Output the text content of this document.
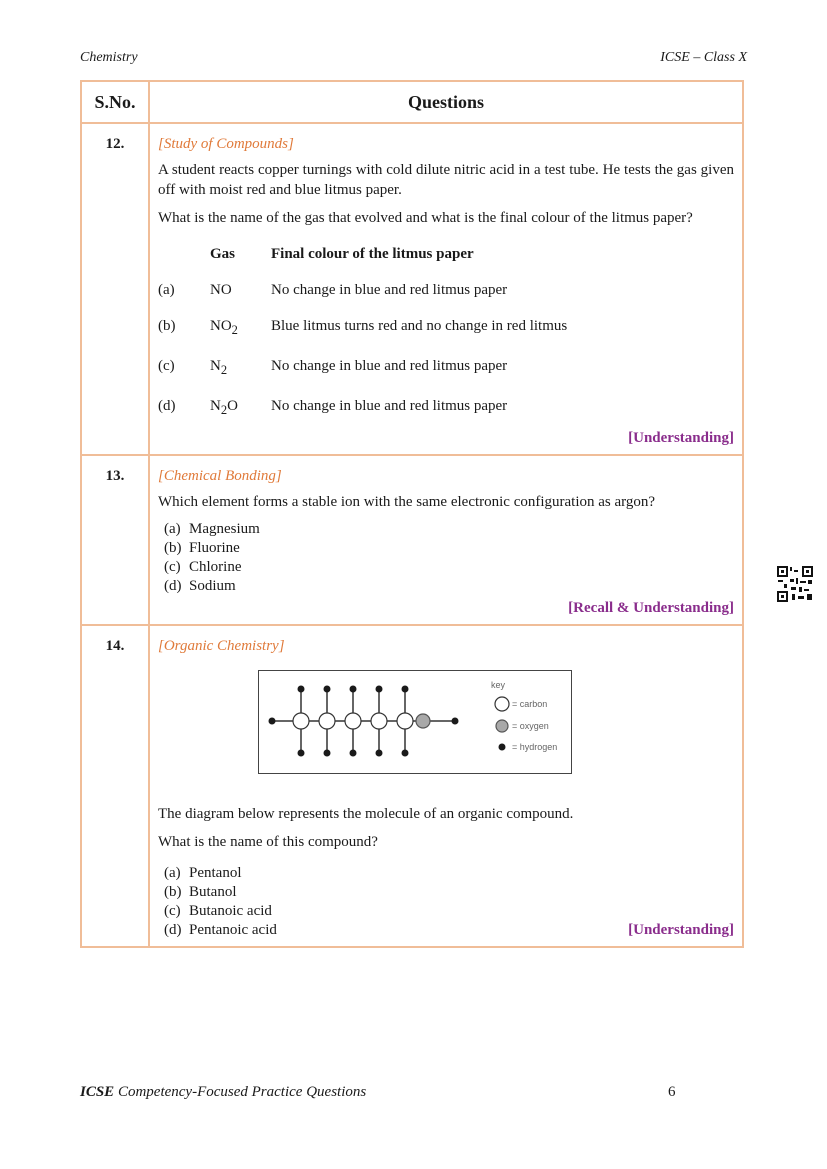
Chemistry	ICSE – Class X
S.No.	Questions
12.	[Study of Compounds]

A student reacts copper turnings with cold dilute nitric acid in a test tube. He tests the gas given off with moist red and blue litmus paper.

What is the name of the gas that evolved and what is the final colour of the litmus paper?

	Gas	Final colour of the litmus paper
(a)	NO	No change in blue and red litmus paper
(b)	$NO_2$	Blue litmus turns red and no change in red litmus
(c)	$N_2$	No change in blue and red litmus paper
(d)	$N_2O$	No change in blue and red litmus paper
[Understanding]

13.	[Chemical Bonding]

Which element forms a stable ion with the same electronic configuration as argon?

(a) Magnesium
(b) Fluorine
(c) Chlorine
(d) Sodium
[Recall & Understanding]

14.	[Organic Chemistry]
key
= carbon
= oxygen
= hydrogen

The diagram below represents the molecule of an organic compound.

What is the name of this compound?

(a) Pentanol
(b) Butanol
(c) Butanoic acid
(d) Pentanoic acid	[Understanding]
ICSE Competency-Focused Practice Questions	6
